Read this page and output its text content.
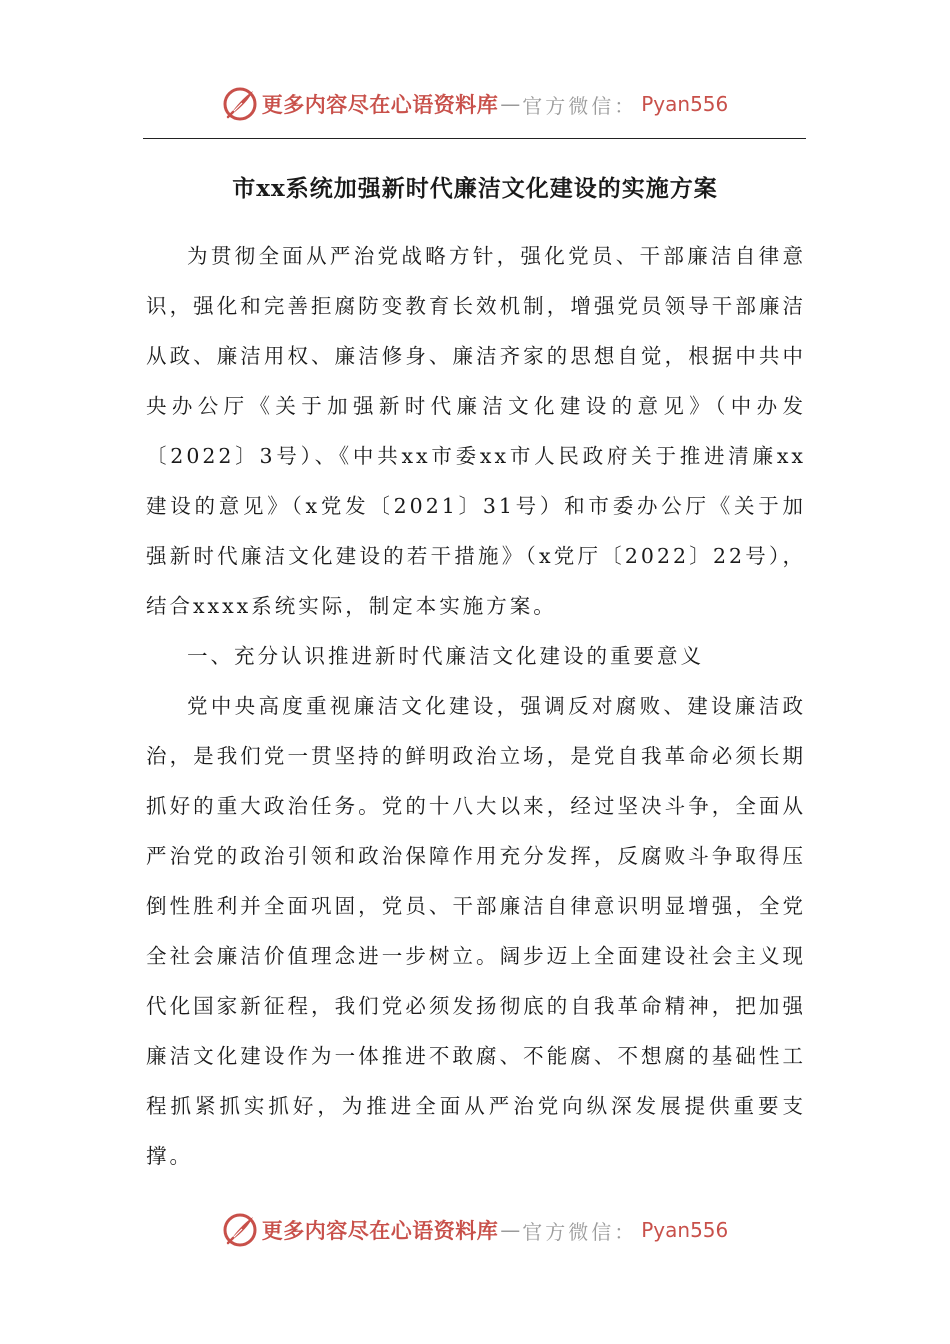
更多内容尽在心语资料库 — 官方微信： Pyan556
市xx系统加强新时代廉洁文化建设的实施方案

为贯彻全面从严治党战略方针，强化党员、干部廉洁自律意识，强化和完善拒腐防变教育长效机制，增强党员领导干部廉洁从政、廉洁用权、廉洁修身、廉洁齐家的思想自觉，根据中共中央办公厅《关于加强新时代廉洁文化建设的意见》（中办发〔2022〕3号）、《中共xx市委xx市人民政府关于推进清廉xx建设的意见》（x党发〔2021〕31号）和市委办公厅《关于加强新时代廉洁文化建设的若干措施》（x党厅〔2022〕22号），结合xxxx系统实际，制定本实施方案。

一、充分认识推进新时代廉洁文化建设的重要意义

党中央高度重视廉洁文化建设，强调反对腐败、建设廉洁政治，是我们党一贯坚持的鲜明政治立场，是党自我革命必须长期抓好的重大政治任务。党的十八大以来，经过坚决斗争，全面从严治党的政治引领和政治保障作用充分发挥，反腐败斗争取得压倒性胜利并全面巩固，党员、干部廉洁自律意识明显增强，全党全社会廉洁价值理念进一步树立。阔步迈上全面建设社会主义现代化国家新征程，我们党必须发扬彻底的自我革命精神，把加强廉洁文化建设作为一体推进不敢腐、不能腐、不想腐的基础性工程抓紧抓实抓好，为推进全面从严治党向纵深发展提供重要支撑。

更多内容尽在心语资料库 — 官方微信： Pyan556
